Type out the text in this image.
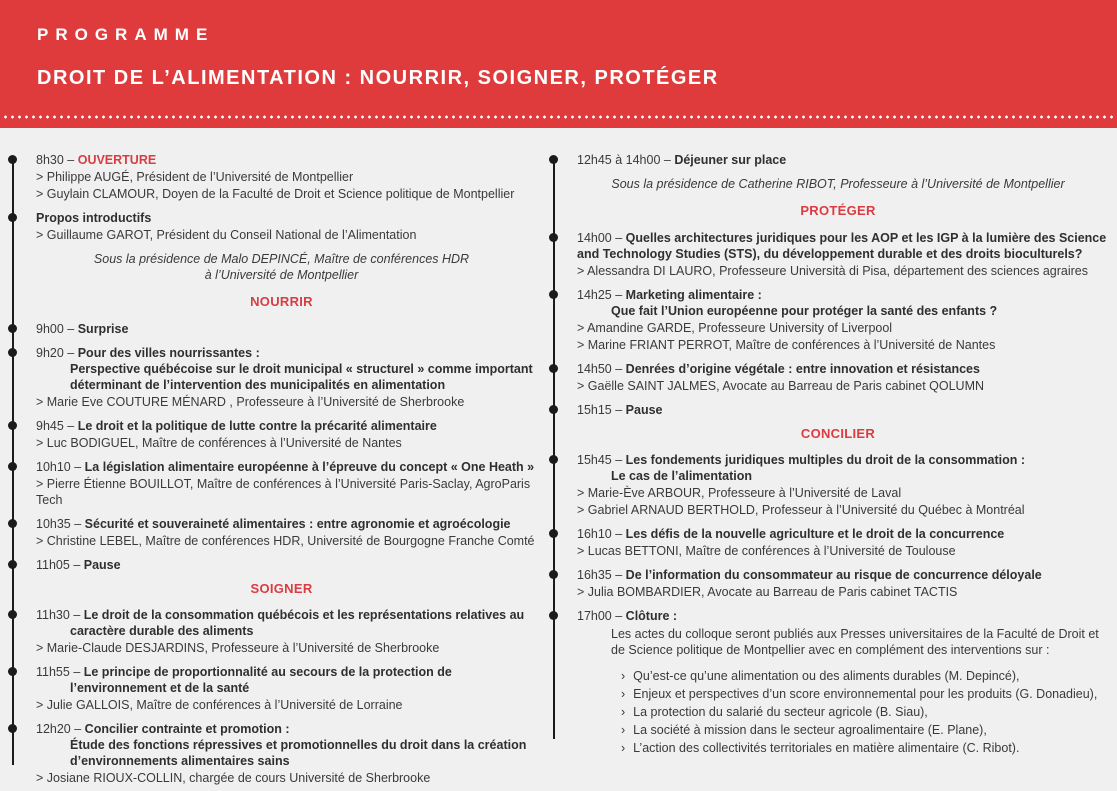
PROGRAMME
DROIT DE L’ALIMENTATION : NOURRIR, SOIGNER, PROTÉGER
8h30 – OUVERTURE
> Philippe AUGÉ, Président de l’Université de Montpellier
> Guylain CLAMOUR, Doyen de la Faculté de Droit et Science politique de Montpellier
Propos introductifs
> Guillaume GAROT, Président du Conseil National de l’Alimentation
Sous la présidence de Malo DEPINCÉ, Maître de conférences HDR
à l’Université de Montpellier
NOURRIR
9h00 – Surprise
9h20 – Pour des villes nourrissantes :
Perspective québécoise sur le droit municipal « structurel » comme important déterminant de l’intervention des municipalités en alimentation
> Marie Eve COUTURE MÉNARD , Professeure à l’Université de Sherbrooke
9h45 – Le droit et la politique de lutte contre la précarité alimentaire
> Luc BODIGUEL, Maître de conférences à l’Université de Nantes
10h10 – La législation alimentaire européenne à l’épreuve du concept « One Heath »
> Pierre Étienne BOUILLOT, Maître de conférences à l’Université Paris-Saclay, AgroParis Tech
10h35 – Sécurité et souveraineté alimentaires : entre agronomie et agroécologie
> Christine LEBEL, Maître de conférences HDR, Université de Bourgogne Franche Comté
11h05 – Pause
SOIGNER
11h30 – Le droit de la consommation québécois et les représentations relatives au caractère durable des aliments
> Marie-Claude DESJARDINS, Professeure à l’Université de Sherbrooke
11h55 – Le principe de proportionnalité au secours de la protection de l’environnement et de la santé
> Julie GALLOIS, Maître de conférences à l’Université de Lorraine
12h20 – Concilier contrainte et promotion :
Étude des fonctions répressives et promotionnelles du droit dans la création d’environnements alimentaires sains
> Josiane RIOUX-COLLIN, chargée de cours Université de Sherbrooke
12h45 à 14h00 – Déjeuner sur place
Sous la présidence de Catherine RIBOT, Professeure à l’Université de Montpellier
PROTÉGER
14h00 – Quelles architectures juridiques pour les AOP et les IGP à la lumière des Science and Technology Studies (STS), du développement durable et des droits bioculturels?
> Alessandra DI LAURO, Professeure Università di Pisa, département des sciences agraires
14h25 – Marketing alimentaire :
Que fait l’Union européenne pour protéger la santé des enfants ?
> Amandine GARDE, Professeure University of Liverpool
> Marine FRIANT PERROT, Maître de conférences à l’Université de Nantes
14h50 – Denrées d’origine végétale : entre innovation et résistances
> Gaëlle SAINT JALMES, Avocate au Barreau de Paris cabinet QOLUMN
15h15 – Pause
CONCILIER
15h45 – Les fondements juridiques multiples du droit de la consommation :
Le cas de l’alimentation
> Marie-Ève ARBOUR, Professeure à l’Université de Laval
> Gabriel ARNAUD BERTHOLD, Professeur à l’Université du Québec à Montréal
16h10 – Les défis de la nouvelle agriculture et le droit de la concurrence
> Lucas BETTONI, Maître de conférences à l’Université de Toulouse
16h35 – De l’information du consommateur au risque de concurrence déloyale
> Julia BOMBARDIER, Avocate au Barreau de Paris cabinet TACTIS
17h00 – Clôture :
Les actes du colloque seront publiés aux Presses universitaires de la Faculté de Droit et de Science politique de Montpellier avec en complément des interventions sur :
› Qu’est-ce qu’une alimentation ou des aliments durables (M. Depincé),
› Enjeux et perspectives d’un score environnemental pour les produits (G. Donadieu),
› La protection du salarié du secteur agricole (B. Siau),
› La société à mission dans le secteur agroalimentaire (E. Plane),
› L’action des collectivités territoriales en matière alimentaire (C. Ribot).
